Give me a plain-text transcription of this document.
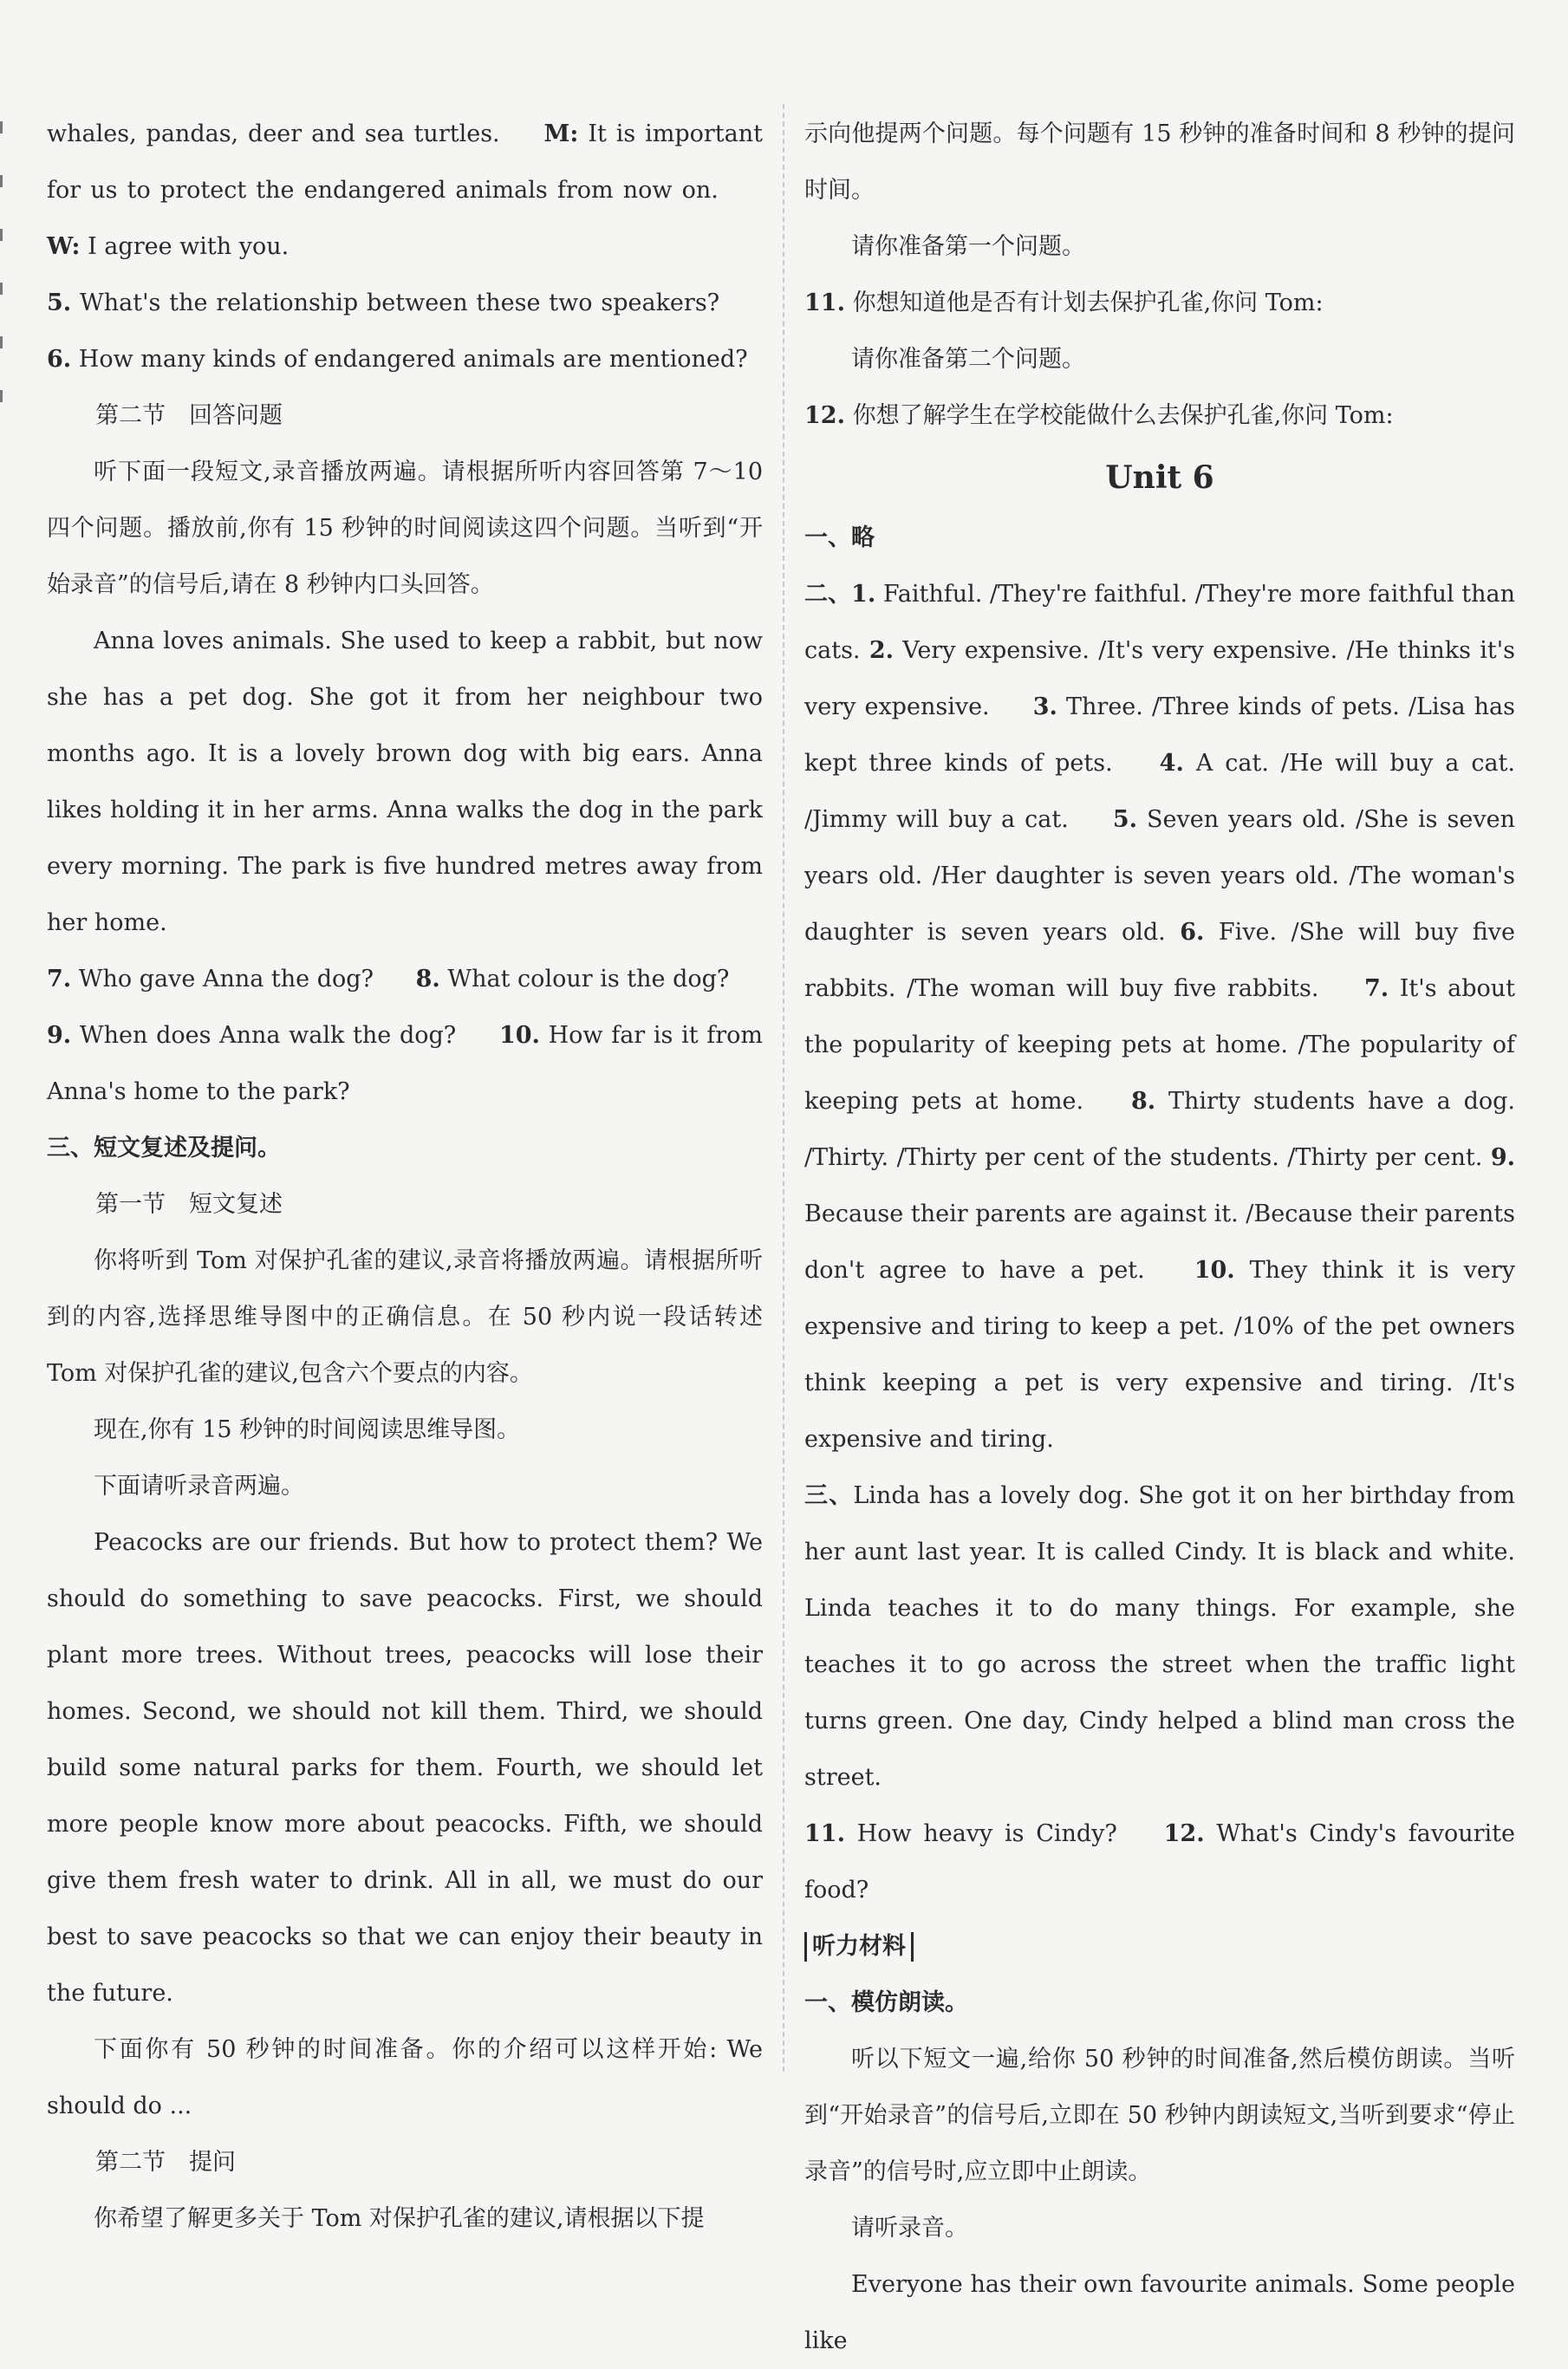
whales, pandas, deer and sea turtles. M: It is important for us to protect the endangered animals from now on. W: I agree with you.

5. What's the relationship between these two speakers? 6. How many kinds of endangered animals are mentioned?

第二节　回答问题

听下面一段短文,录音播放两遍。请根据所听内容回答第 7～10 四个问题。播放前,你有 15 秒钟的时间阅读这四个问题。当听到“开始录音”的信号后,请在 8 秒钟内口头回答。

Anna loves animals. She used to keep a rabbit, but now she has a pet dog. She got it from her neighbour two months ago. It is a lovely brown dog with big ears. Anna likes holding it in her arms. Anna walks the dog in the park every morning. The park is five hundred metres away from her home.

7. Who gave Anna the dog? 8. What colour is the dog?

9. When does Anna walk the dog? 10. How far is it from Anna's home to the park?

三、短文复述及提问。

第一节　短文复述

你将听到 Tom 对保护孔雀的建议,录音将播放两遍。请根据所听到的内容,选择思维导图中的正确信息。在 50 秒内说一段话转述 Tom 对保护孔雀的建议,包含六个要点的内容。

现在,你有 15 秒钟的时间阅读思维导图。

下面请听录音两遍。

Peacocks are our friends. But how to protect them? We should do something to save peacocks. First, we should plant more trees. Without trees, peacocks will lose their homes. Second, we should not kill them. Third, we should build some natural parks for them. Fourth, we should let more people know more about peacocks. Fifth, we should give them fresh water to drink. All in all, we must do our best to save peacocks so that we can enjoy their beauty in the future.

下面你有 50 秒钟的时间准备。你的介绍可以这样开始: We should do ...

第二节　提问

你希望了解更多关于 Tom 对保护孔雀的建议,请根据以下提

示向他提两个问题。每个问题有 15 秒钟的准备时间和 8 秒钟的提问时间。

请你准备第一个问题。

11. 你想知道他是否有计划去保护孔雀,你问 Tom:

请你准备第二个问题。

12. 你想了解学生在学校能做什么去保护孔雀,你问 Tom:

Unit 6

一、略

二、1. Faithful. /They're faithful. /They're more faithful than cats. 2. Very expensive. /It's very expensive. /He thinks it's very expensive. 3. Three. /Three kinds of pets. /Lisa has kept three kinds of pets. 4. A cat. /He will buy a cat. /Jimmy will buy a cat. 5. Seven years old. /She is seven years old. /Her daughter is seven years old. /The woman's daughter is seven years old. 6. Five. /She will buy five rabbits. /The woman will buy five rabbits. 7. It's about the popularity of keeping pets at home. /The popularity of keeping pets at home. 8. Thirty students have a dog. /Thirty. /Thirty per cent of the students. /Thirty per cent. 9. Because their parents are against it. /Because their parents don't agree to have a pet. 10. They think it is very expensive and tiring to keep a pet. /10% of the pet owners think keeping a pet is very expensive and tiring. /It's expensive and tiring.

三、Linda has a lovely dog. She got it on her birthday from her aunt last year. It is called Cindy. It is black and white. Linda teaches it to do many things. For example, she teaches it to go across the street when the traffic light turns green. One day, Cindy helped a blind man cross the street.

11. How heavy is Cindy? 12. What's Cindy's favourite food?

听力材料

一、模仿朗读。

听以下短文一遍,给你 50 秒钟的时间准备,然后模仿朗读。当听到“开始录音”的信号后,立即在 50 秒钟内朗读短文,当听到要求“停止录音”的信号时,应立即中止朗读。

请听录音。

Everyone has their own favourite animals. Some people like
